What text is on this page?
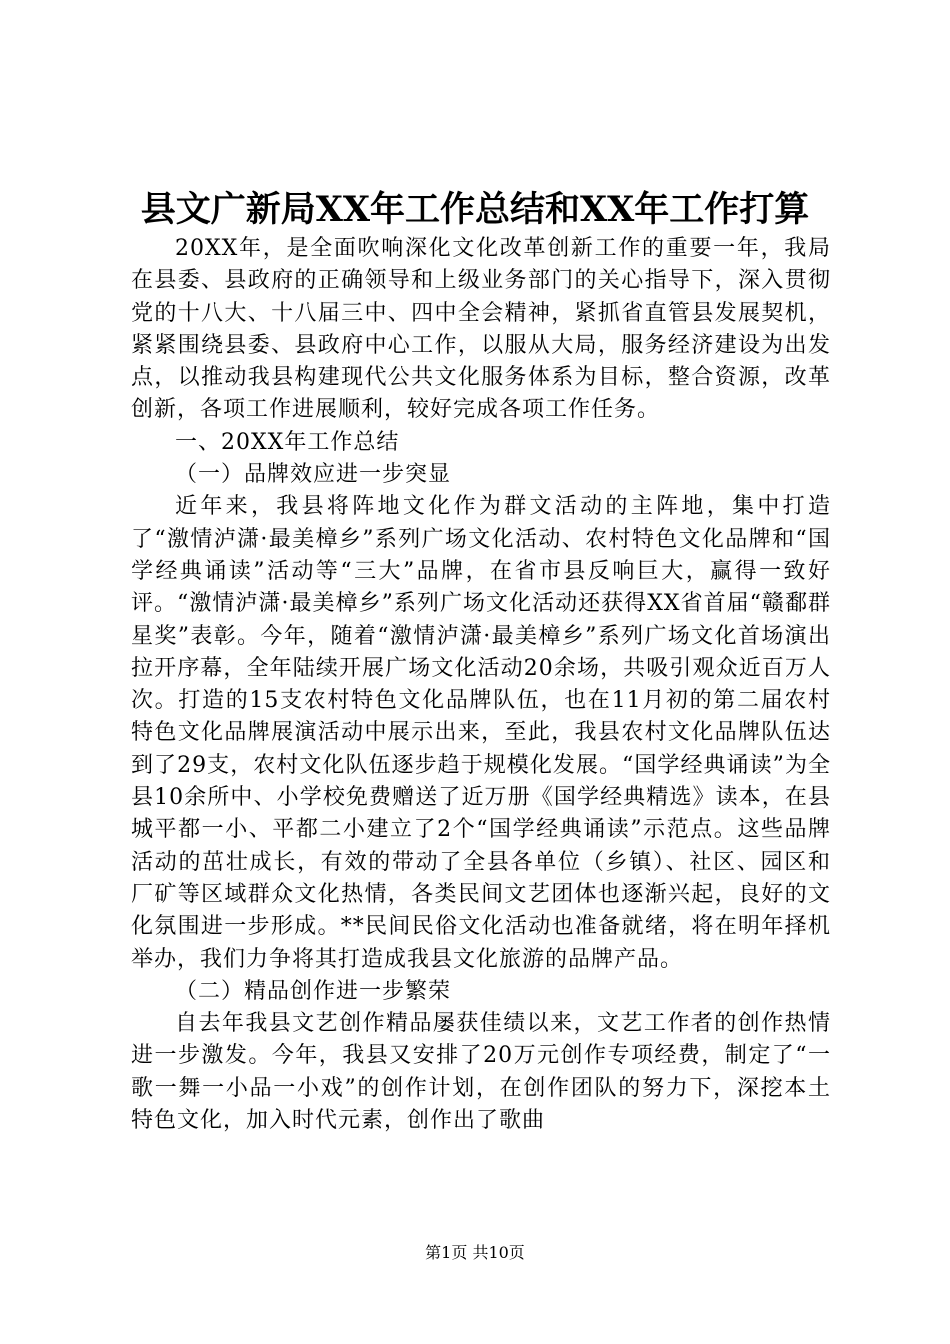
县文广新局XX年工作总结和XX年工作打算

20XX年，是全面吹响深化文化改革创新工作的重要一年，我局在县委、县政府的正确领导和上级业务部门的关心指导下，深入贯彻党的十八大、十八届三中、四中全会精神，紧抓省直管县发展契机，紧紧围绕县委、县政府中心工作，以服从大局，服务经济建设为出发点，以推动我县构建现代公共文化服务体系为目标，整合资源，改革创新，各项工作进展顺利，较好完成各项工作任务。

一、20XX年工作总结

（一）品牌效应进一步突显

近年来，我县将阵地文化作为群文活动的主阵地，集中打造了“激情泸潇·最美樟乡”系列广场文化活动、农村特色文化品牌和“国学经典诵读”活动等“三大”品牌，在省市县反响巨大，赢得一致好评。“激情泸潇·最美樟乡”系列广场文化活动还获得XX省首届“赣鄱群星奖”表彰。今年，随着“激情泸潇·最美樟乡”系列广场文化首场演出拉开序幕，全年陆续开展广场文化活动20余场，共吸引观众近百万人次。打造的15支农村特色文化品牌队伍，也在11月初的第二届农村特色文化品牌展演活动中展示出来，至此，我县农村文化品牌队伍达到了29支，农村文化队伍逐步趋于规模化发展。“国学经典诵读”为全县10余所中、小学校免费赠送了近万册《国学经典精选》读本，在县城平都一小、平都二小建立了2个“国学经典诵读”示范点。这些品牌活动的茁壮成长，有效的带动了全县各单位（乡镇）、社区、园区和厂矿等区域群众文化热情，各类民间文艺团体也逐渐兴起，良好的文化氛围进一步形成。**民间民俗文化活动也准备就绪，将在明年择机举办，我们力争将其打造成我县文化旅游的品牌产品。

（二）精品创作进一步繁荣

自去年我县文艺创作精品屡获佳绩以来，文艺工作者的创作热情进一步激发。今年，我县又安排了20万元创作专项经费，制定了“一歌一舞一小品一小戏”的创作计划，在创作团队的努力下，深挖本土特色文化，加入时代元素，创作出了歌曲

第1页 共10页
